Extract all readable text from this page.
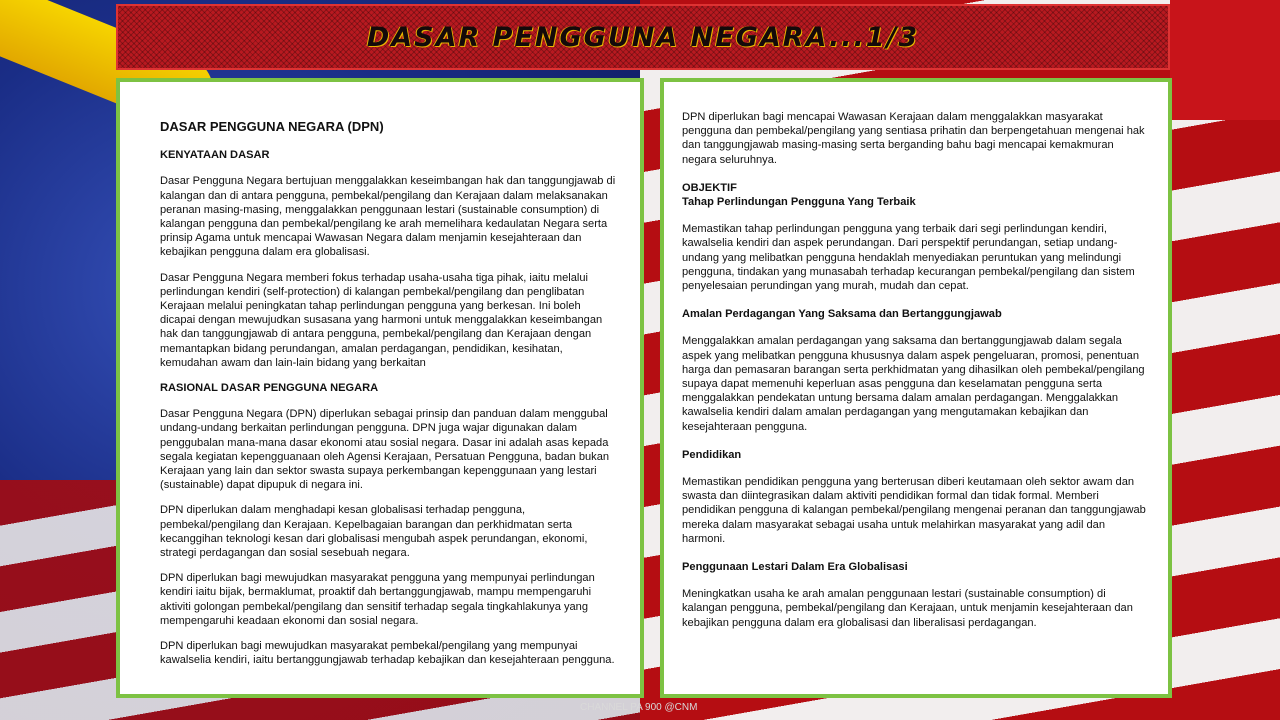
DASAR PENGGUNA NEGARA...1/3
DASAR PENGGUNA NEGARA (DPN)
KENYATAAN DASAR

Dasar Pengguna Negara bertujuan menggalakkan keseimbangan hak dan tanggungjawab di kalangan dan di antara pengguna, pembekal/pengilang dan Kerajaan dalam melaksanakan peranan masing-masing, menggalakkan penggunaan lestari (sustainable consumption) di kalangan pengguna dan pembekal/pengilang ke arah memelihara kedaulatan Negara serta prinsip Agama untuk mencapai Wawasan Negara dalam menjamin kesejahteraan dan kebajikan pengguna dalam era globalisasi.

Dasar Pengguna Negara memberi fokus terhadap usaha-usaha tiga pihak, iaitu melalui perlindungan kendiri (self-protection) di kalangan pembekal/pengilang dan penglibatan Kerajaan melalui peningkatan tahap perlindungan pengguna yang berkesan. Ini boleh dicapai dengan mewujudkan susasana yang harmoni untuk menggalakkan keseimbangan hak dan tanggungjawab di antara pengguna, pembekal/pengilang dan Kerajaan dengan memantapkan bidang perundangan, amalan perdagangan, pendidikan, kesihatan, kemudahan awam dan lain-lain bidang yang berkaitan

RASIONAL DASAR PENGGUNA NEGARA

Dasar Pengguna Negara (DPN) diperlukan sebagai prinsip dan panduan dalam menggubal undang-undang berkaitan perlindungan pengguna. DPN juga wajar digunakan dalam penggubalan mana-mana dasar ekonomi atau sosial negara. Dasar ini adalah asas kepada segala kegiatan kepengguanaan oleh Agensi Kerajaan, Persatuan Pengguna, badan bukan Kerajaan yang lain dan sektor swasta supaya perkembangan kepenggunaan yang lestari (sustainable) dapat dipupuk di negara ini.

DPN diperlukan dalam menghadapi kesan globalisasi terhadap pengguna, pembekal/pengilang dan Kerajaan. Kepelbagaian barangan dan perkhidmatan serta kecanggihan teknologi kesan dari globalisasi mengubah aspek perundangan, ekonomi, strategi perdagangan dan sosial sesebuah negara.

DPN diperlukan bagi mewujudkan masyarakat pengguna yang mempunyai perlindungan kendiri iaitu bijak, bermaklumat, proaktif dah bertanggungjawab, mampu mempengaruhi aktiviti golongan pembekal/pengilang dan sensitif terhadap segala tingkahlakunya yang mempengaruhi keadaan ekonomi dan sosial negara.

DPN diperlukan bagi mewujudkan masyarakat pembekal/pengilang yang mempunyai kawalselia kendiri, iaitu bertanggungjawab terhadap kebajikan dan kesejahteraan pengguna.

DPN diperlukan bagi mencapai Wawasan Kerajaan dalam menggalakkan masyarakat pengguna dan pembekal/pengilang yang sentiasa prihatin dan berpengetahuan mengenai hak dan tanggungjawab masing-masing serta berganding bahu bagi mencapai kemakmuran negara seluruhnya.

OBJEKTIF
Tahap Perlindungan Pengguna Yang Terbaik

Memastikan tahap perlindungan pengguna yang terbaik dari segi perlindungan kendiri, kawalselia kendiri dan aspek perundangan. Dari perspektif perundangan, setiap undang-undang yang melibatkan pengguna hendaklah menyediakan peruntukan yang melindungi pengguna, tindakan yang munasabah terhadap kecurangan pembekal/pengilang dan sistem penyelesaian perundingan yang murah, mudah dan cepat.

Amalan Perdagangan Yang Saksama dan Bertanggungjawab

Menggalakkan amalan perdagangan yang saksama dan bertanggungjawab dalam segala aspek yang melibatkan pengguna khususnya dalam aspek pengeluaran, promosi, penentuan harga dan pemasaran barangan serta perkhidmatan yang dihasilkan oleh pembekal/pengilang supaya dapat memenuhi keperluan asas pengguna dan keselamatan pengguna serta menggalakkan pendekatan untung bersama dalam amalan perdagangan. Menggalakkan kawalselia kendiri dalam amalan perdagangan yang mengutamakan kebajikan dan kesejahteraan pengguna.

Pendidikan

Memastikan pendidikan pengguna yang berterusan diberi keutamaan oleh sektor awam dan swasta dan diintegrasikan dalam aktiviti pendidikan formal dan tidak formal. Memberi pendidikan pengguna di kalangan pembekal/pengilang mengenai peranan dan tanggungjawab mereka dalam masyarakat sebagai usaha untuk melahirkan masyarakat yang adil dan harmoni.

Penggunaan Lestari Dalam Era Globalisasi

Meningkatkan usaha ke arah amalan penggunaan lestari (sustainable consumption) di kalangan pengguna, pembekal/pengilang dan Kerajaan, untuk menjamin kesejahteraan dan kebajikan pengguna dalam era globalisasi dan liberalisasi perdagangan.

CHANNEL PA 900 @CNM
